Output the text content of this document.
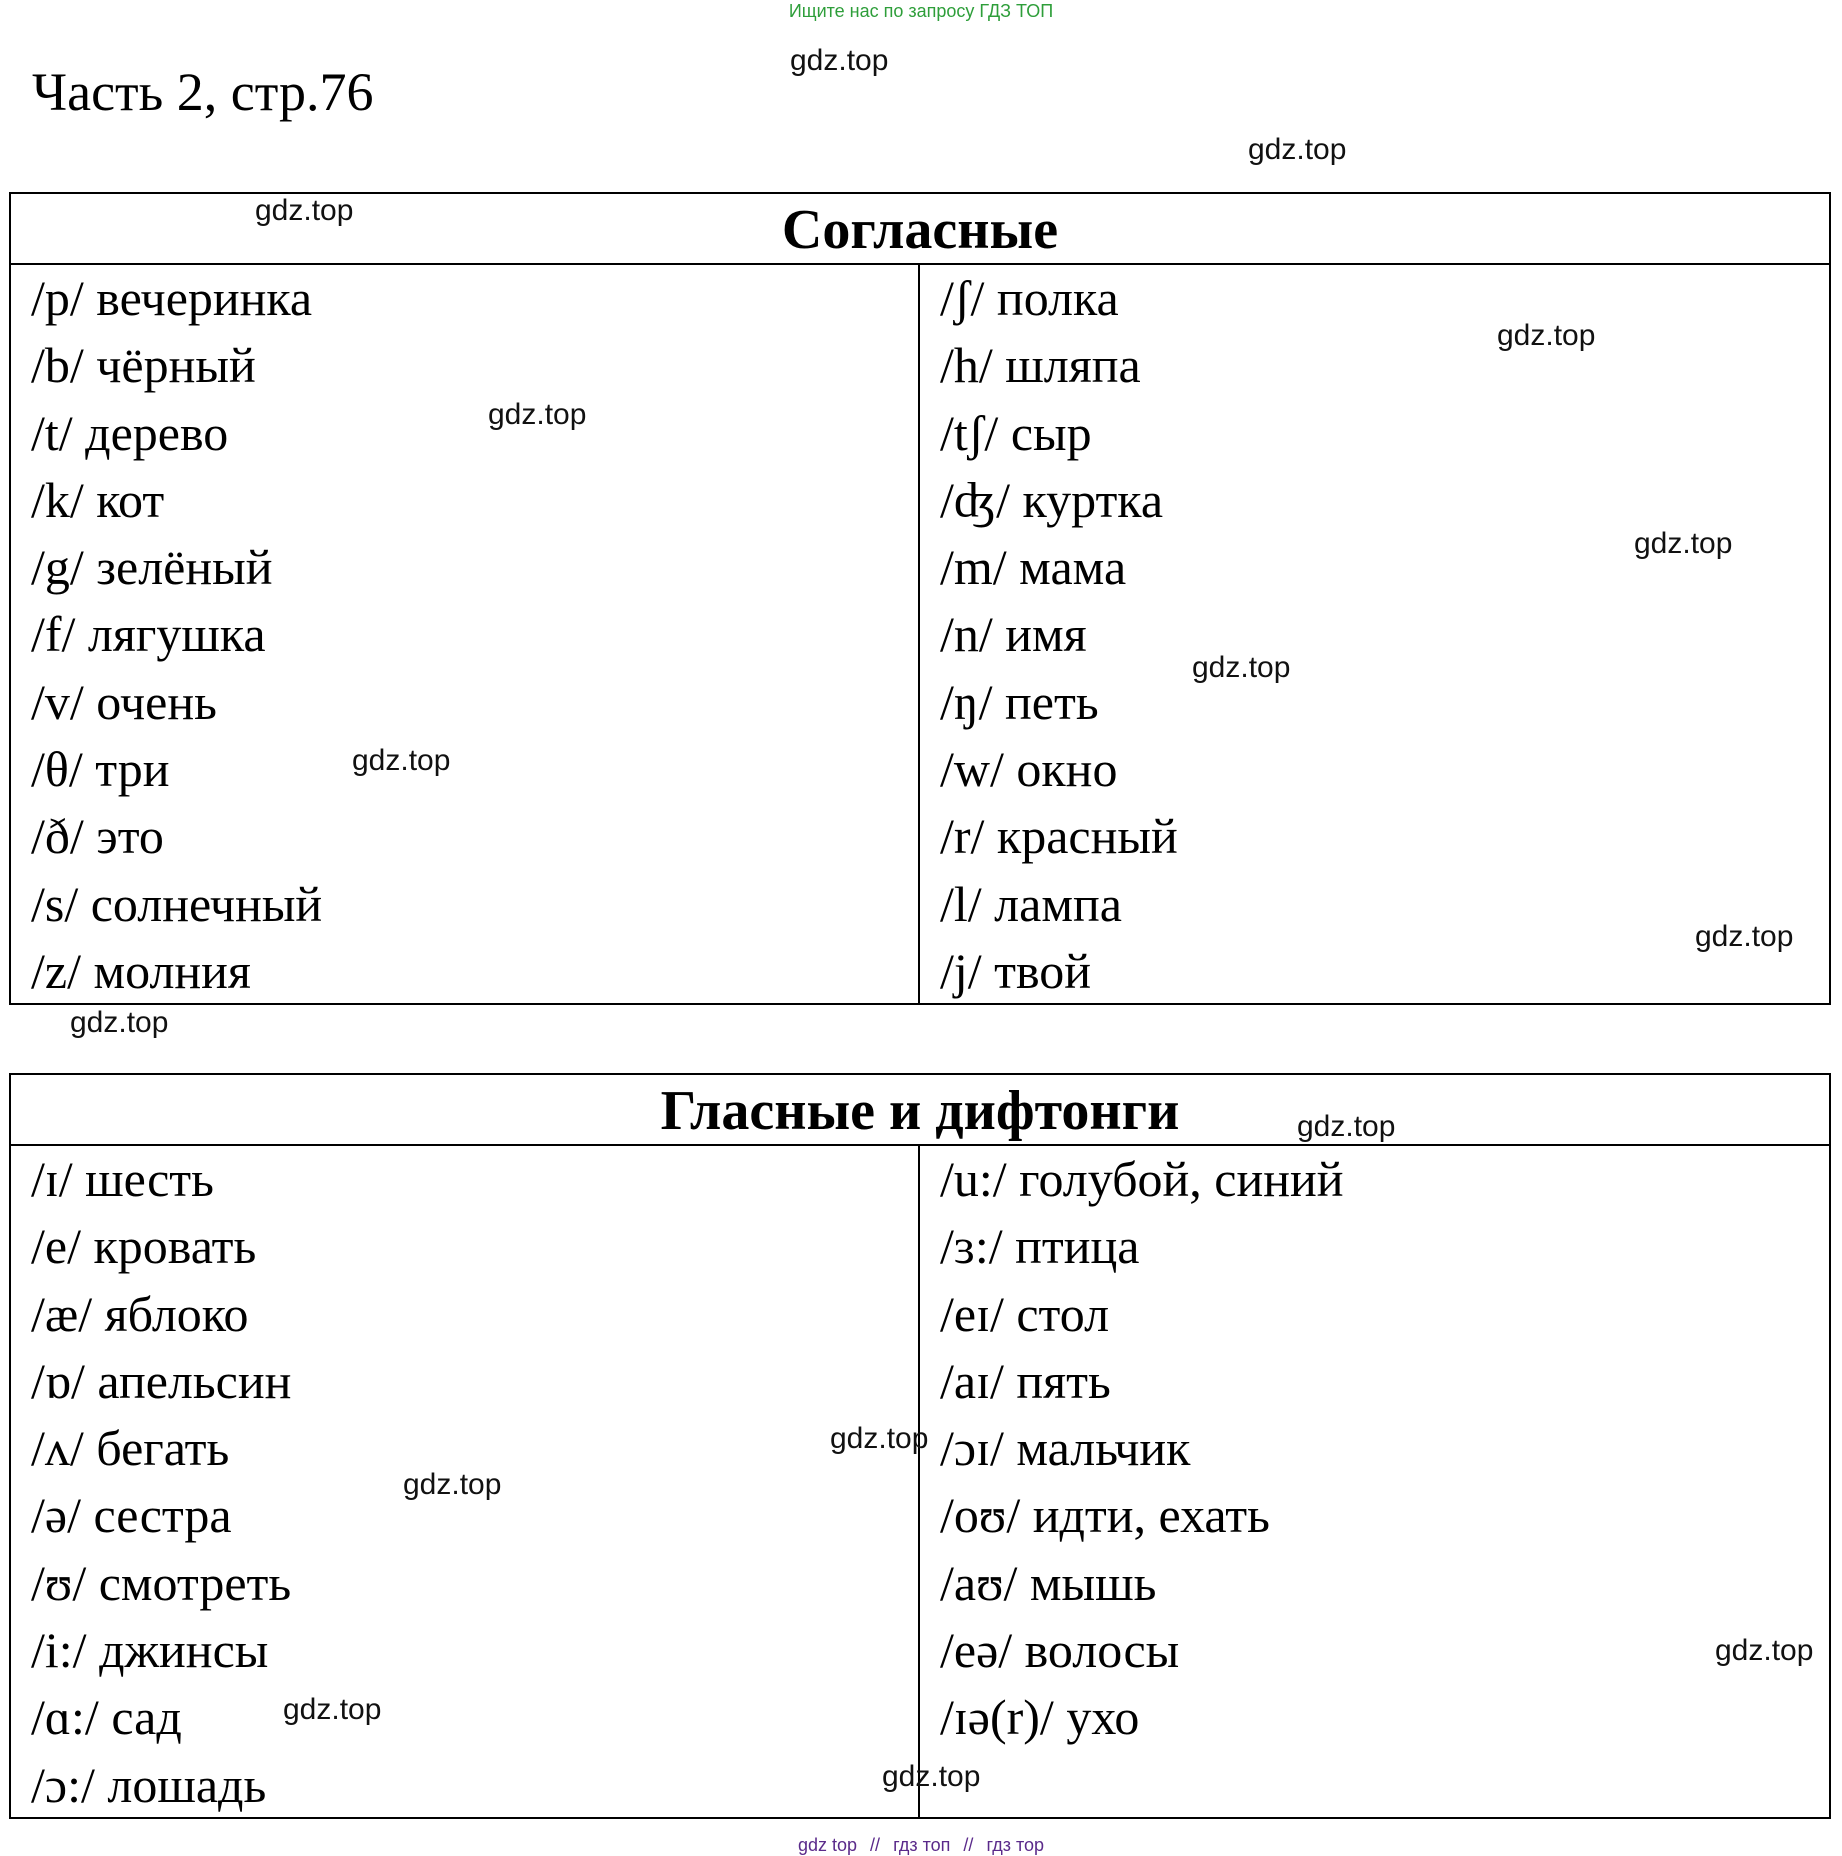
Ищите нас по запросу ГДЗ ТОП
Часть 2, стр.76
Согласные
/p/ вечеринка
/b/ чёрный
/t/ дерево
/k/ кот
/g/ зелёный
/f/ лягушка
/v/ очень
/θ/ три
/ð/ это
/s/ солнечный
/z/ молния
/ʃ/ полка
/h/ шляпа
/tʃ/ сыр
/ʤ/ куртка
/m/ мама
/n/ имя
/ŋ/ петь
/w/ окно
/r/ красный
/l/ лампа
/j/ твой
Гласные и дифтонги
/ɪ/ шесть
/e/ кровать
/æ/ яблоко
/ɒ/ апельсин
/ʌ/ бегать
/ə/ сестра
/ʊ/ смотреть
/i:/ джинсы
/ɑ:/ сад
/ɔ:/ лошадь
/u:/ голубой, синий
/ɜ:/ птица
/eɪ/ стол
/aɪ/ пять
/ɔɪ/ мальчик
/oʊ/ идти, ехать
/aʊ/ мышь
/eə/ волосы
/ɪə(r)/ ухо
gdz.top
gdz.top
gdz.top
gdz.top
gdz.top
gdz.top
gdz.top
gdz.top
gdz.top
gdz.top
gdz.top
gdz.top
gdz.top
gdz.top
gdz.top
gdz.top
gdz top // гдз топ // гдз тор
